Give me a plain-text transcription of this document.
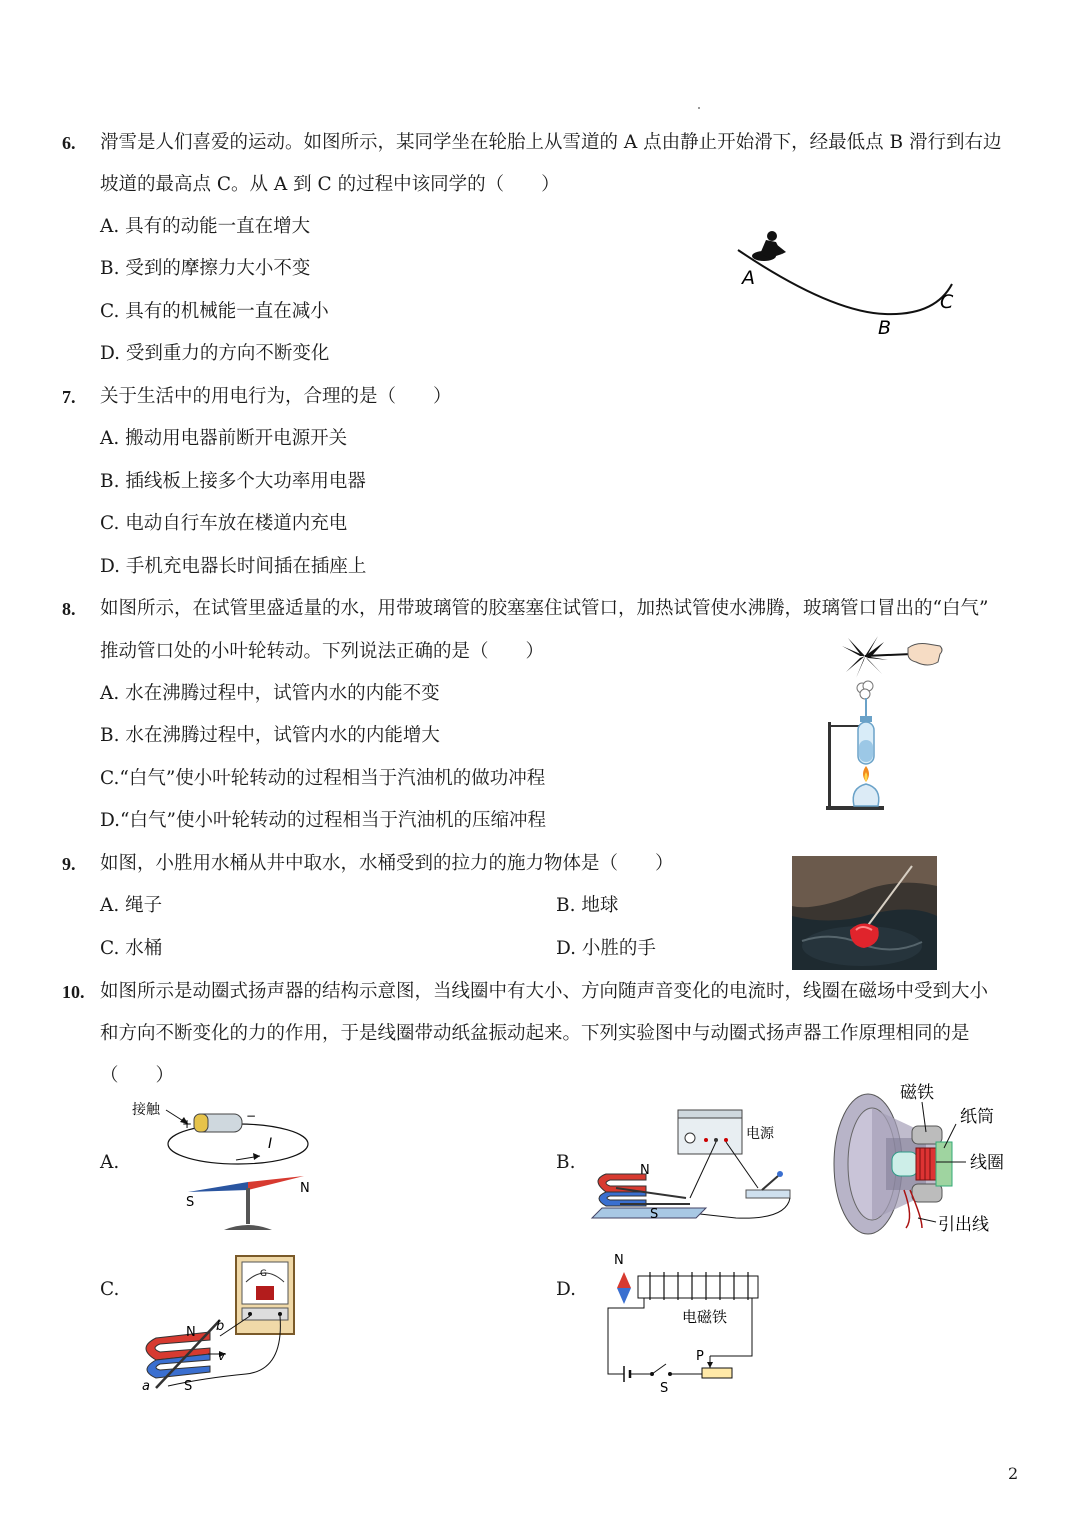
6. 滑雪是人们喜爱的运动。如图所示，某同学坐在轮胎上从雪道的 A 点由静止开始滑下，经最低点 B 滑行到右边
坡道的最高点 C。从 A 到 C 的过程中该同学的（　　）
A. 具有的动能一直在增大
B. 受到的摩擦力大小不变
C. 具有的机械能一直在减小
D. 受到重力的方向不断变化
A
B
C
7. 关于生活中的用电行为，合理的是（　　）
A. 搬动用电器前断开电源开关
B. 插线板上接多个大功率用电器
C. 电动自行车放在楼道内充电
D. 手机充电器长时间插在插座上
8. 如图所示，在试管里盛适量的水，用带玻璃管的胶塞塞住试管口，加热试管使水沸腾，玻璃管口冒出的“白气”
推动管口处的小叶轮转动。下列说法正确的是（　　）
A. 水在沸腾过程中，试管内水的内能不变
B. 水在沸腾过程中，试管内水的内能增大
C.“白气”使小叶轮转动的过程相当于汽油机的做功冲程
D.“白气”使小叶轮转动的过程相当于汽油机的压缩冲程
9. 如图，小胜用水桶从井中取水，水桶受到的拉力的施力物体是（　　）
A. 绳子	B. 地球
C. 水桶	D. 小胜的手
10. 如图所示是动圈式扬声器的结构示意图，当线圈中有大小、方向随声音变化的电流时，线圈在磁场中受到大小
和方向不断变化的力的作用，于是线圈带动纸盆振动起来。下列实验图中与动圈式扬声器工作原理相同的是
（　　）
A.	B.
C.	D.
接触
+
−
I
S
N
电源
N
S
磁铁
纸筒
线圈
引出线
G
N
S
a
b
v
N
电磁铁
P
S
2
